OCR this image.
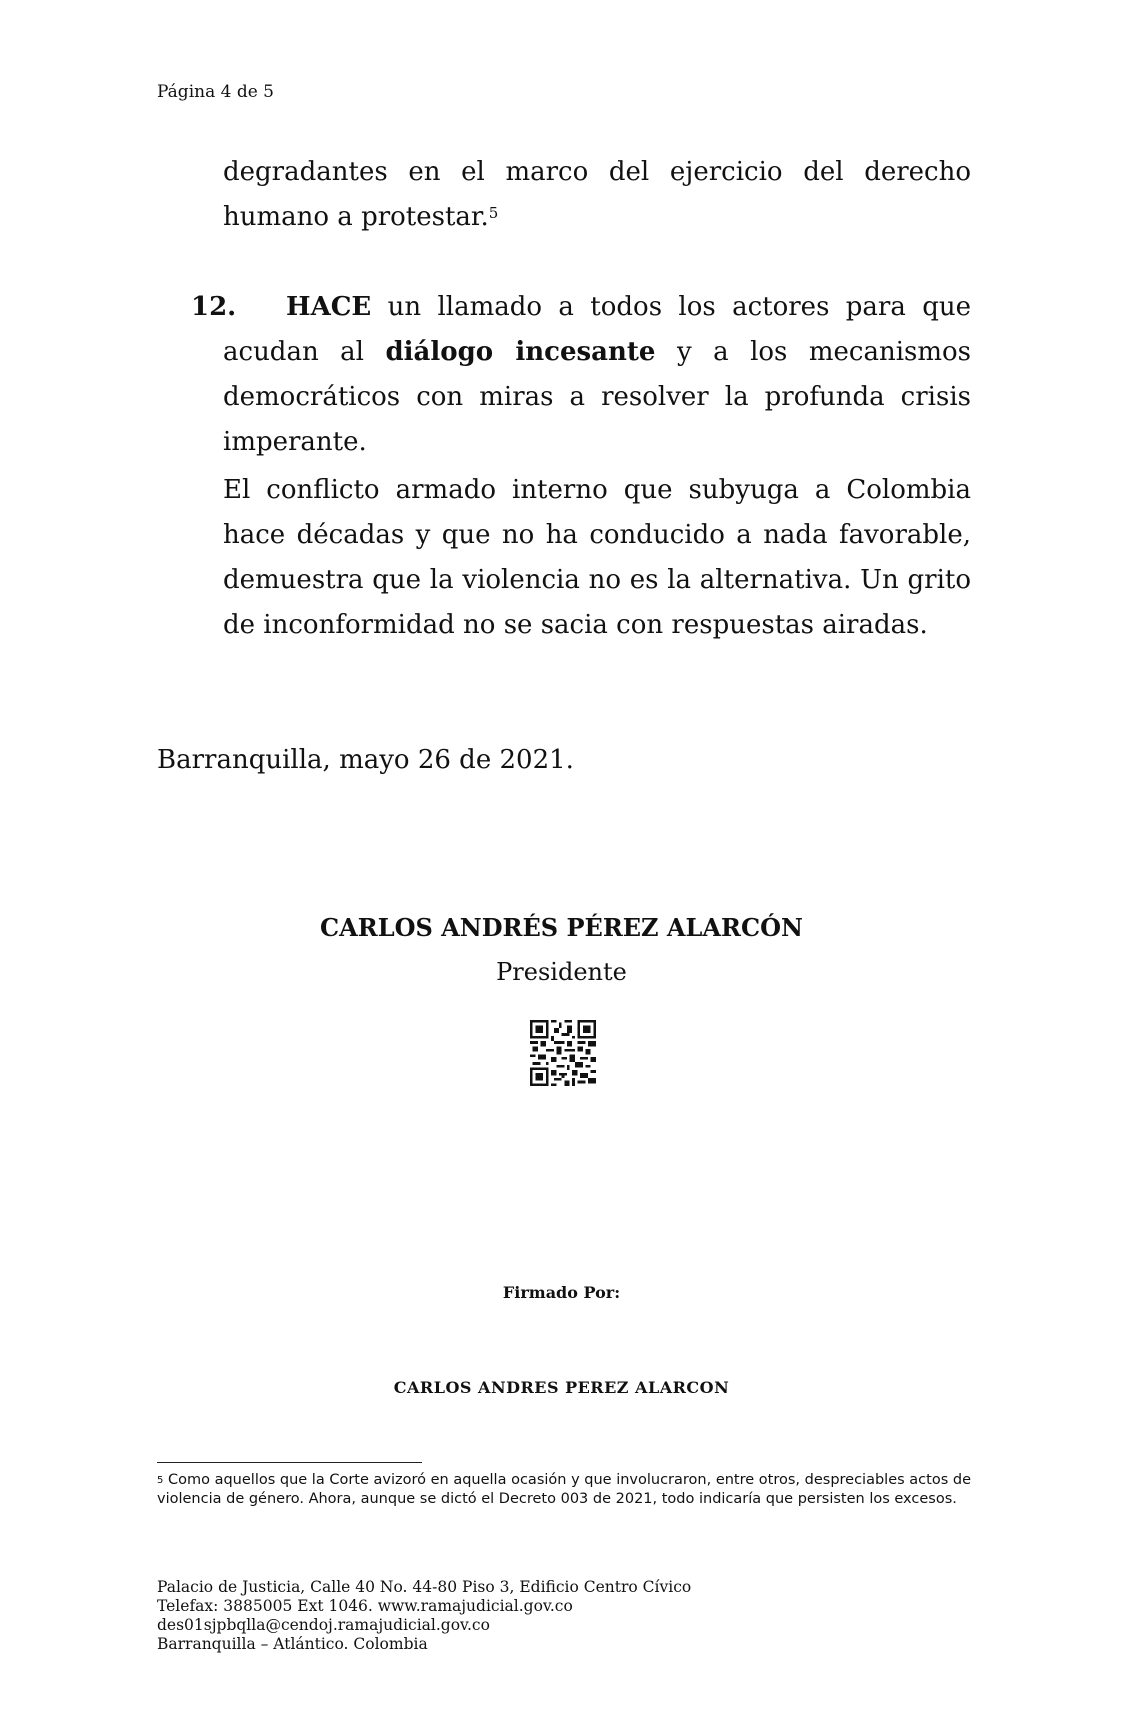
Página 4 de 5
degradantes en el marco del ejercicio del derecho humano a protestar.$^5$
12.	HACE un llamado a todos los actores para que acudan al diálogo incesante y a los mecanismos democráticos con miras a resolver la profunda crisis imperante.
El conflicto armado interno que subyuga a Colombia hace décadas y que no ha conducido a nada favorable, demuestra que la violencia no es la alternativa. Un grito de inconformidad no se sacia con respuestas airadas.
Barranquilla, mayo 26 de 2021.
CARLOS ANDRÉS PÉREZ ALARCÓN
Presidente
Firmado Por:
CARLOS ANDRES PEREZ ALARCON
$^5$ Como aquellos que la Corte avizoró en aquella ocasión y que involucraron, entre otros, despreciables actos de violencia de género. Ahora, aunque se dictó el Decreto 003 de 2021, todo indicaría que persisten los excesos.
Palacio de Justicia, Calle 40 No. 44-80 Piso 3, Edificio Centro Cívico
Telefax: 3885005 Ext 1046. www.ramajudicial.gov.co
des01sjpbqlla@cendoj.ramajudicial.gov.co
Barranquilla – Atlántico. Colombia
